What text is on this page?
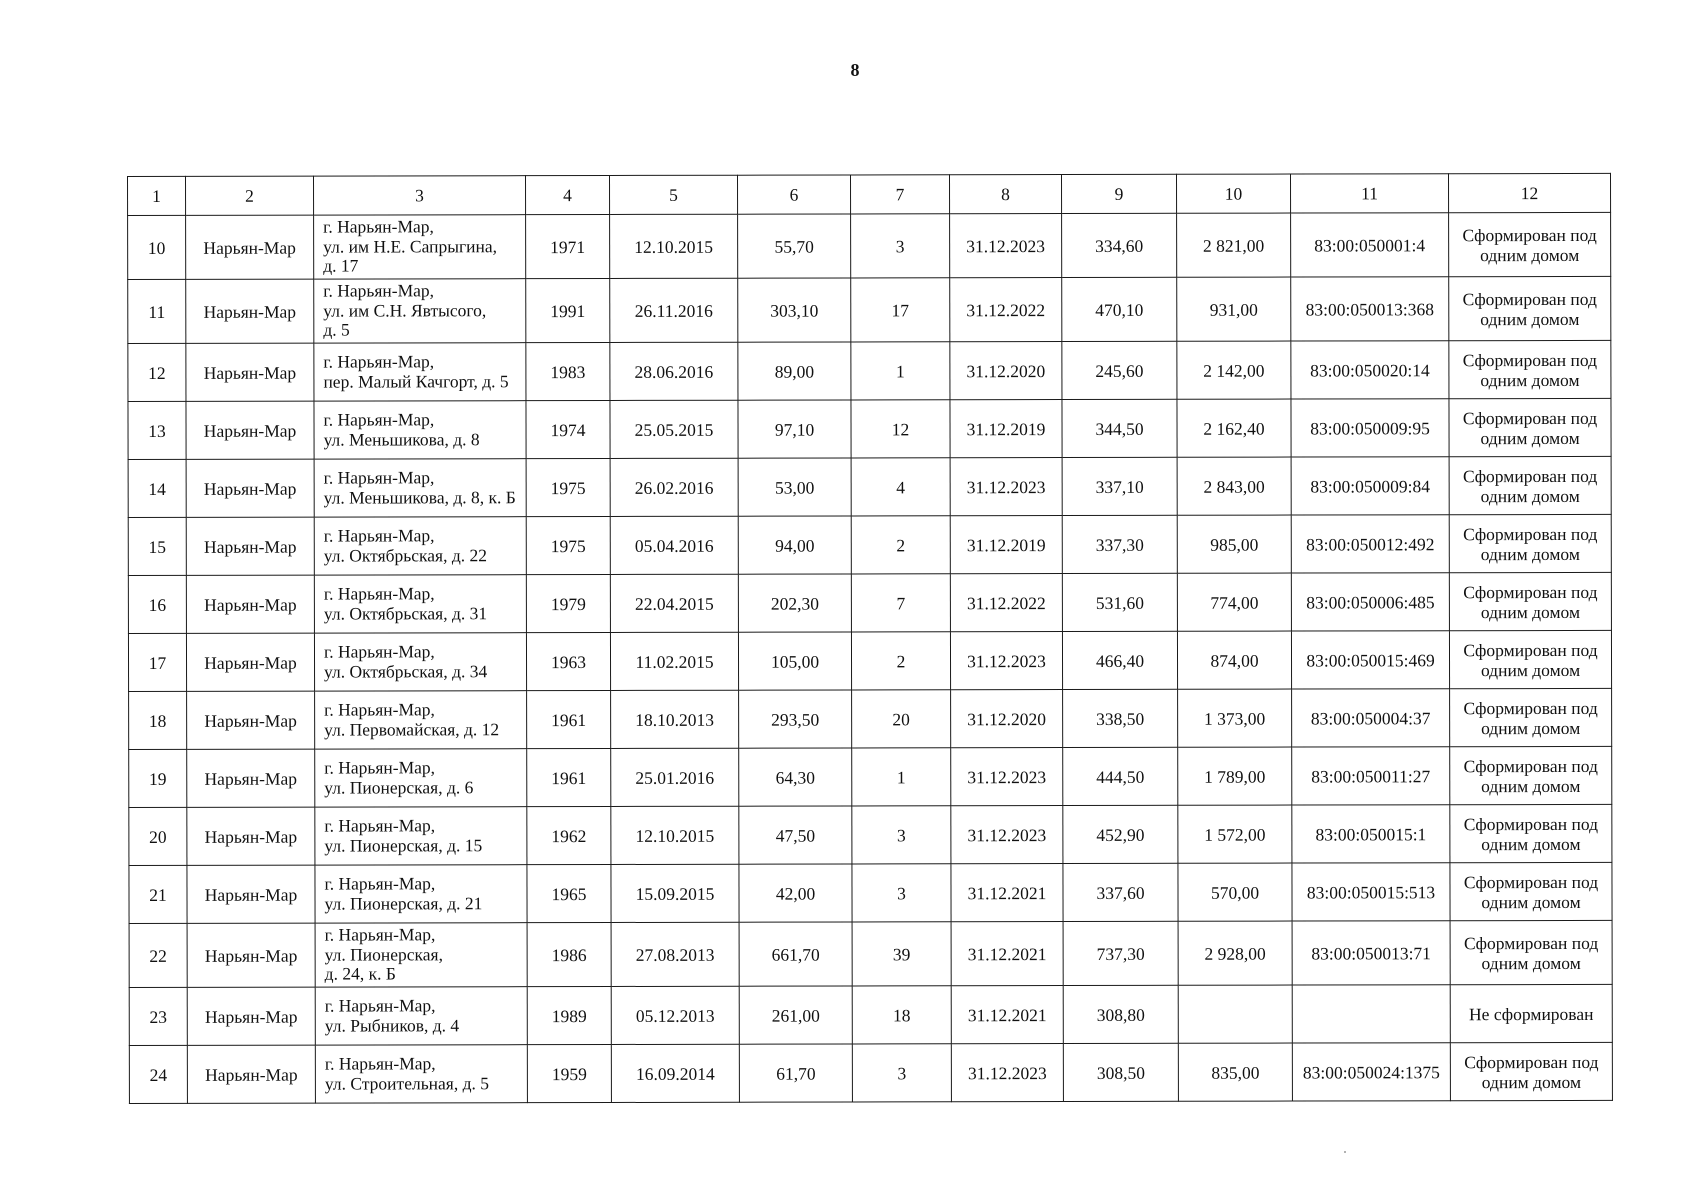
8
1	2	3	4	5	6	7	8	9	10	11	12
10	Нарьян-Мар	г. Нарьян-Мар,
ул. им Н.Е. Сапрыгина,
д. 17	1971	12.10.2015	55,70	3	31.12.2023	334,60	2 821,00	83:00:050001:4	Сформирован под одним домом
11	Нарьян-Мар	г. Нарьян-Мар,
ул. им С.Н. Явтысого,
д. 5	1991	26.11.2016	303,10	17	31.12.2022	470,10	931,00	83:00:050013:368	Сформирован под одним домом
12	Нарьян-Мар	г. Нарьян-Мар,
пер. Малый Качгорт, д. 5	1983	28.06.2016	89,00	1	31.12.2020	245,60	2 142,00	83:00:050020:14	Сформирован под одним домом
13	Нарьян-Мар	г. Нарьян-Мар,
ул. Меньшикова, д. 8	1974	25.05.2015	97,10	12	31.12.2019	344,50	2 162,40	83:00:050009:95	Сформирован под одним домом
14	Нарьян-Мар	г. Нарьян-Мар,
ул. Меньшикова, д. 8, к. Б	1975	26.02.2016	53,00	4	31.12.2023	337,10	2 843,00	83:00:050009:84	Сформирован под одним домом
15	Нарьян-Мар	г. Нарьян-Мар,
ул. Октябрьская, д. 22	1975	05.04.2016	94,00	2	31.12.2019	337,30	985,00	83:00:050012:492	Сформирован под одним домом
16	Нарьян-Мар	г. Нарьян-Мар,
ул. Октябрьская, д. 31	1979	22.04.2015	202,30	7	31.12.2022	531,60	774,00	83:00:050006:485	Сформирован под одним домом
17	Нарьян-Мар	г. Нарьян-Мар,
ул. Октябрьская, д. 34	1963	11.02.2015	105,00	2	31.12.2023	466,40	874,00	83:00:050015:469	Сформирован под одним домом
18	Нарьян-Мар	г. Нарьян-Мар,
ул. Первомайская, д. 12	1961	18.10.2013	293,50	20	31.12.2020	338,50	1 373,00	83:00:050004:37	Сформирован под одним домом
19	Нарьян-Мар	г. Нарьян-Мар,
ул. Пионерская, д. 6	1961	25.01.2016	64,30	1	31.12.2023	444,50	1 789,00	83:00:050011:27	Сформирован под одним домом
20	Нарьян-Мар	г. Нарьян-Мар,
ул. Пионерская, д. 15	1962	12.10.2015	47,50	3	31.12.2023	452,90	1 572,00	83:00:050015:1	Сформирован под одним домом
21	Нарьян-Мар	г. Нарьян-Мар,
ул. Пионерская, д. 21	1965	15.09.2015	42,00	3	31.12.2021	337,60	570,00	83:00:050015:513	Сформирован под одним домом
22	Нарьян-Мар	г. Нарьян-Мар,
ул. Пионерская,
д. 24, к. Б	1986	27.08.2013	661,70	39	31.12.2021	737,30	2 928,00	83:00:050013:71	Сформирован под одним домом
23	Нарьян-Мар	г. Нарьян-Мар,
ул. Рыбников, д. 4	1989	05.12.2013	261,00	18	31.12.2021	308,80			Не сформирован
24	Нарьян-Мар	г. Нарьян-Мар,
ул. Строительная, д. 5	1959	16.09.2014	61,70	3	31.12.2023	308,50	835,00	83:00:050024:1375	Сформирован под одним домом
